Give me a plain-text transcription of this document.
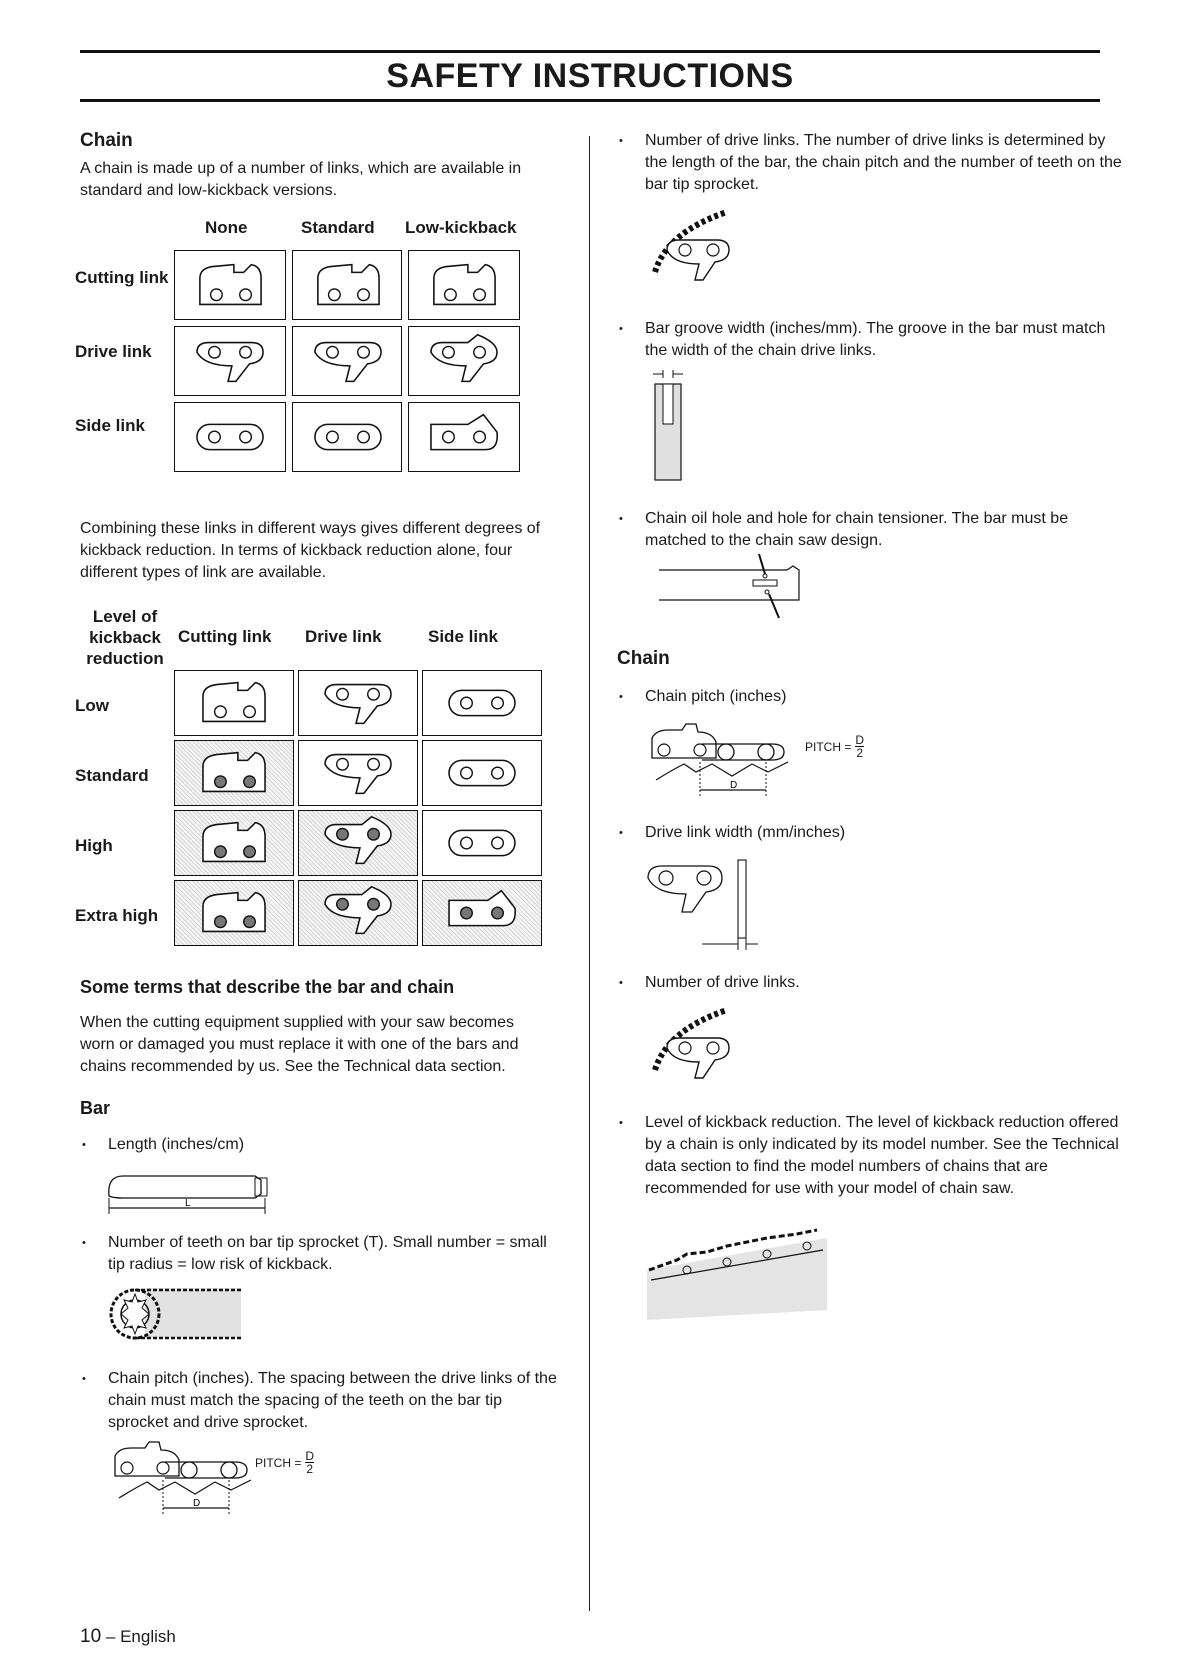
SAFETY INSTRUCTIONS
Chain

A chain is made up of a number of links, which are available in standard and low-kickback versions.

None	Standard Low-kickback
Cutting link
Drive link
Side link

Combining these links in different ways gives different degrees of kickback reduction. In terms of kickback reduction alone, four different types of link are available.

Level of
kickback
reduction
Cutting link Drive link	Side link
Low
Standard
High
Extra high
Some terms that describe the bar and chain

When the cutting equipment supplied with your saw becomes worn or damaged you must replace it with one of the bars and chains recommended by us. See the Technical data section.

Bar
• Length (inches/cm)
L
• Number of teeth on bar tip sprocket (T). Small number = small tip radius = low risk of kickback.
• Chain pitch (inches). The spacing between the drive links of the chain must match the spacing of the teeth on the bar tip sprocket and drive sprocket.
D
PITCH = $\frac{D}{2}$
• Number of drive links. The number of drive links is determined by the length of the bar, the chain pitch and the number of teeth on the bar tip sprocket.
• Bar groove width (inches/mm). The groove in the bar must match the width of the chain drive links.
• Chain oil hole and hole for chain tensioner. The bar must be matched to the chain saw design.
Chain
• Chain pitch (inches)
D
PITCH = $\frac{D}{2}$
• Drive link width (mm/inches)
• Number of drive links.
• Level of kickback reduction. The level of kickback reduction offered by a chain is only indicated by its model number. See the Technical data section to find the model numbers of chains that are recommended for use with your model of chain saw.
10 – English
